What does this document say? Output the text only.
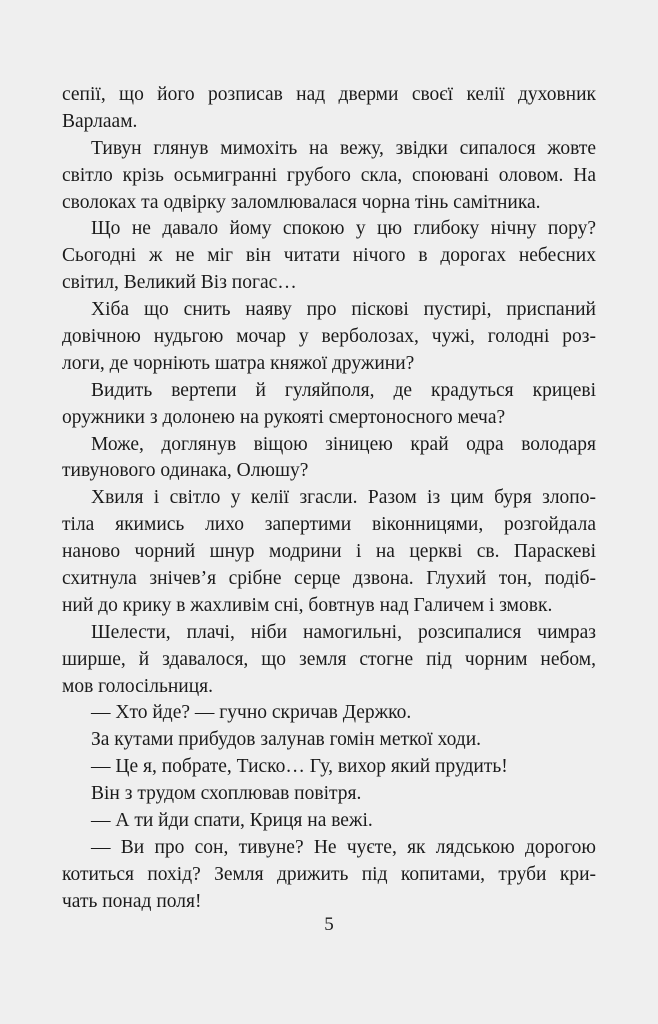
сепії, що його розписав над дверми своєї келії духовник
Варлаам.
Тивун глянув мимохіть на вежу, звідки сипалося жовте
світло крізь осьмигранні грубого скла, споювані оловом. На
сволоках та одвірку заломлювалася чорна тінь самітника.
Що не давало йому спокою у цю глибоку нічну пору?
Сьогодні ж не міг він читати нічого в дорогах небесних
світил, Великий Віз погас…
Хіба що снить наяву про піскові пустирі, приспаний
довічною нудьгою мочар у верболозах, чужі, голодні роз-
логи, де чорніють шатра княжої дружини?
Видить вертепи й гуляйполя, де крадуться крицеві
оружники з долонею на рукояті смертоносного меча?
Може, доглянув віщою зіницею край одра володаря
тивунового одинака, Олюшу?
Хвиля і світло у келії згасли. Разом із цим буря злопо-
тіла якимись лихо запертими віконницями, розгойдала
наново чорний шнур модрини і на церкві св. Параскеві
схитнула знічев’я срібне серце дзвона. Глухий тон, подіб-
ний до крику в жахливім сні, бовтнув над Галичем і змовк.
Шелести, плачі, ніби намогильні, розсипалися чимраз
ширше, й здавалося, що земля стогне під чорним небом,
мов голосільниця.
— Хто йде? — гучно скричав Держко.
За кутами прибудов залунав гомін меткої ходи.
— Це я, побрате, Тиско… Гу, вихор який прудить!
Він з трудом схоплював повітря.
— А ти йди спати, Криця на вежі.
— Ви про сон, тивуне? Не чуєте, як лядською дорогою
котиться похід? Земля дрижить під копитами, труби кри-
чать понад поля!
5
